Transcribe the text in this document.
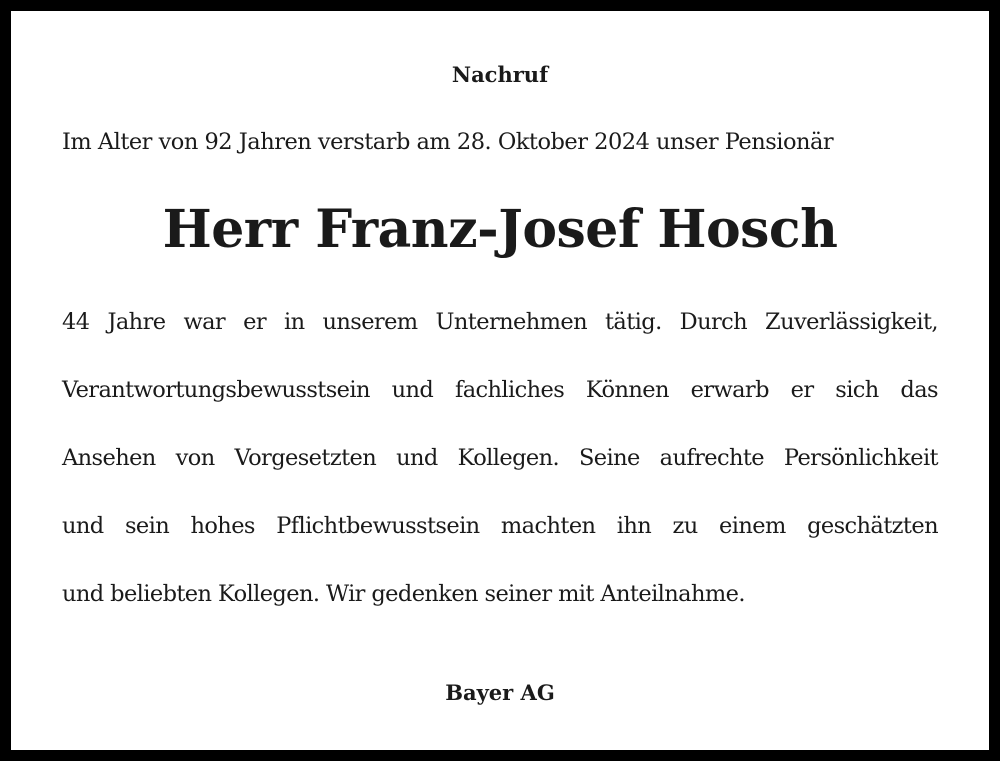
Nachruf
Im Alter von 92 Jahren verstarb am 28. Oktober 2024 unser Pensionär
Herr Franz-Josef Hosch
44 Jahre war er in unserem Unternehmen tätig. Durch Zuverlässigkeit,
Verantwortungsbewusstsein und fachliches Können erwarb er sich das
Ansehen von Vorgesetzten und Kollegen. Seine aufrechte Persönlichkeit
und sein hohes Pflichtbewusstsein machten ihn zu einem geschätzten
und beliebten Kollegen. Wir gedenken seiner mit Anteilnahme.
Bayer AG
